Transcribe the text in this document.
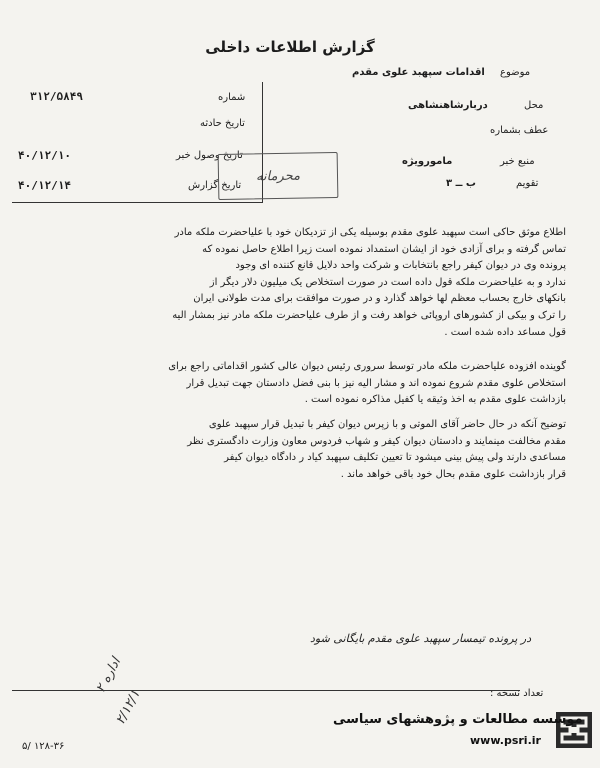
گزارش اطلاعات داخلی
موضوع
اقدامات سپهبد علوی مقدم
محل
دربارشاهنشاهی
عطف بشماره
منبع خبر
مامورویژه
تقویم
ب ــ ۳
شماره
۳۱۲/۵۸۴۹
تاریخ حادثه
تاریخ وصول خبر
۴۰/۱۲/۱۰
تاریخ گزارش
۴۰/۱۲/۱۴
محرمانه

اطلاع موثق حاکی است سپهبد علوی مقدم بوسیله یکی از تزدیکان خود با علیاحضرت ملکه مادر

تماس گرفته و برای آزادی خود از ایشان استمداد نموده است زیرا اطلاع حاصل نموده که

پرونده وی در دیوان کیفر راجع بانتخابات و شرکت واحد دلایل قانع کننده ای وجود

ندارد و به علیاحضرت ملکه قول داده است در صورت استخلاص یک میلیون دلار دیگر از

بانکهای خارج بحساب معظم لها خواهد گذارد و در صورت موافقت برای مدت طولانی ایران

را ترک و بیکی از کشورهای اروپائی خواهد رفت و از طرف علیاحضرت ملکه مادر نیز بمشار الیه

قول مساعد داده شده است .

گوینده افزوده علیاحضرت ملکه مادر توسط سروری رئیس دیوان عالی کشور اقداماتی راجع برای

استخلاص علوی مقدم شروع نموده اند و مشار الیه نیز با بنی فضل دادستان جهت تبدیل قرار

بازداشت علوی مقدم به اخذ وثیقه یا کفیل مذاکره نموده است .

توضیح آنکه در حال حاضر آقای الموتی و با زپرس دیوان کیفر با تبدیل قرار سپهبد علوی

مقدم مخالفت مینمایند و دادستان دیوان کیفر و شهاب فردوس معاون وزارت دادگستری نظر

مساعدی دارند ولی پیش بینی میشود تا تعیین تکلیف سپهبد کیاد ر دادگاه دیوان کیفر

قرار بازداشت علوی مقدم بحال خود باقی خواهد ماند .

در پرونده تیمسار سپهبد علوی مقدم بایگانی شود
اداره ۲
۲/۱۲/۱	تعداد نسخه :
۱۲۸-۳۶ /۵
موسسه مطالعات و پژوهشهای سیاسی
www.psri.ir
